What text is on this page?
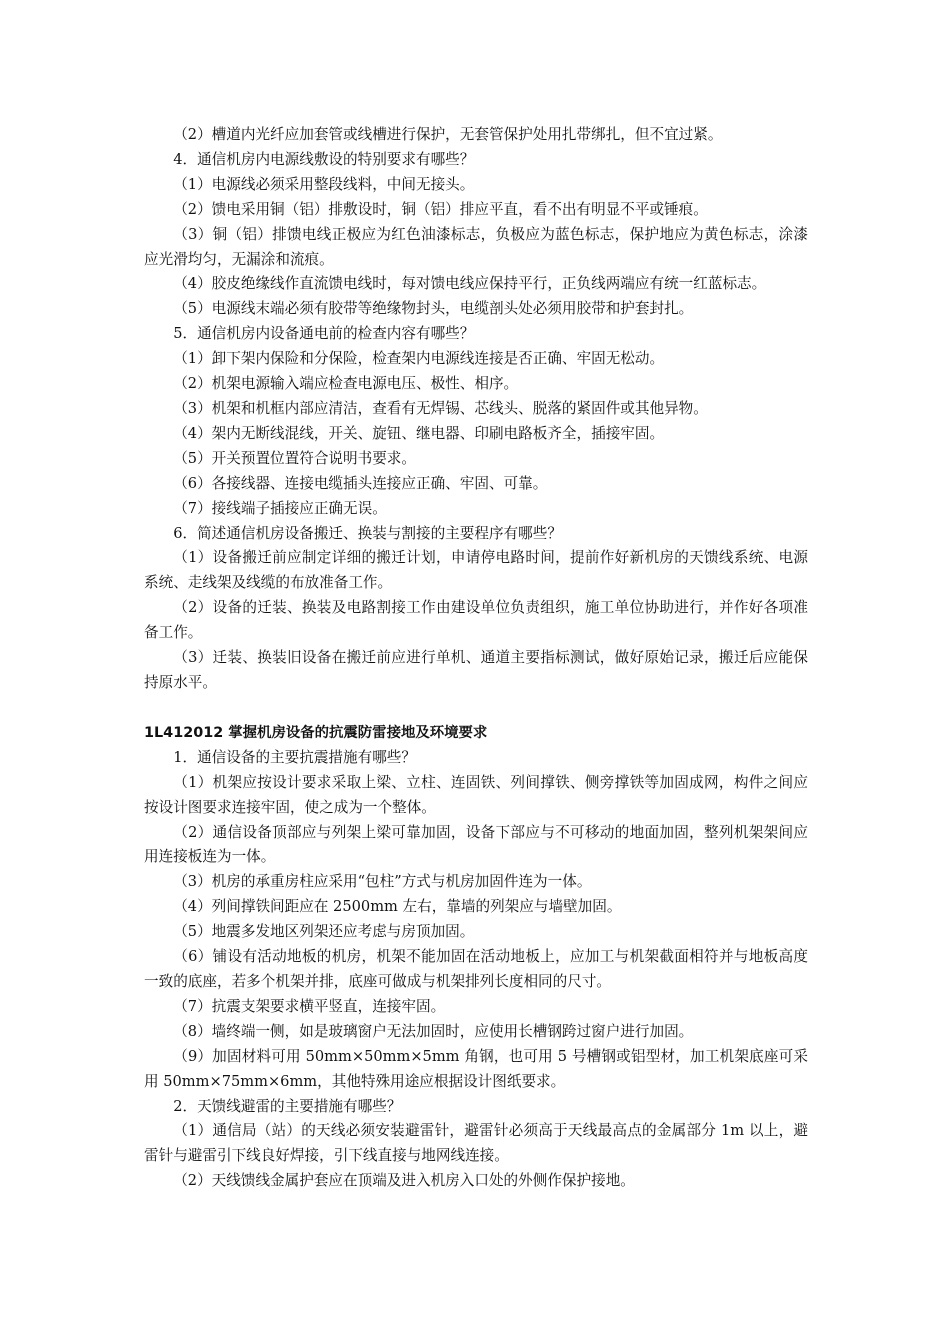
（2）槽道内光纤应加套管或线槽进行保护，无套管保护处用扎带绑扎，但不宜过紧。

4．通信机房内电源线敷设的特别要求有哪些？

（1）电源线必须采用整段线料，中间无接头。

（2）馈电采用铜（铝）排敷设时，铜（铝）排应平直，看不出有明显不平或锤痕。

（3）铜（铝）排馈电线正极应为红色油漆标志，负极应为蓝色标志，保护地应为黄色标志，涂漆应光滑均匀，无漏涂和流痕。

（4）胶皮绝缘线作直流馈电线时，每对馈电线应保持平行，正负线两端应有统一红蓝标志。

（5）电源线末端必须有胶带等绝缘物封头，电缆剖头处必须用胶带和护套封扎。

5．通信机房内设备通电前的检查内容有哪些？

（1）卸下架内保险和分保险，检查架内电源线连接是否正确、牢固无松动。

（2）机架电源输入端应检查电源电压、极性、相序。

（3）机架和机框内部应清洁，查看有无焊锡、芯线头、脱落的紧固件或其他异物。

（4）架内无断线混线，开关、旋钮、继电器、印刷电路板齐全，插接牢固。

（5）开关预置位置符合说明书要求。

（6）各接线器、连接电缆插头连接应正确、牢固、可靠。

（7）接线端子插接应正确无误。

6．简述通信机房设备搬迁、换装与割接的主要程序有哪些？

（1）设备搬迁前应制定详细的搬迁计划，申请停电路时间，提前作好新机房的天馈线系统、电源系统、走线架及线缆的布放准备工作。

（2）设备的迁装、换装及电路割接工作由建设单位负责组织，施工单位协助进行，并作好各项准备工作。

（3）迁装、换装旧设备在搬迁前应进行单机、通道主要指标测试，做好原始记录，搬迁后应能保持原水平。

1L412012 掌握机房设备的抗震防雷接地及环境要求

1．通信设备的主要抗震措施有哪些？

（1）机架应按设计要求采取上梁、立柱、连固铁、列间撑铁、侧旁撑铁等加固成网，构件之间应按设计图要求连接牢固，使之成为一个整体。

（2）通信设备顶部应与列架上梁可靠加固，设备下部应与不可移动的地面加固，整列机架架间应用连接板连为一体。

（3）机房的承重房柱应采用“包柱”方式与机房加固件连为一体。

（4）列间撑铁间距应在 2500mm 左右，靠墙的列架应与墙壁加固。

（5）地震多发地区列架还应考虑与房顶加固。

（6）铺设有活动地板的机房，机架不能加固在活动地板上，应加工与机架截面相符并与地板高度一致的底座，若多个机架并排，底座可做成与机架排列长度相同的尺寸。

（7）抗震支架要求横平竖直，连接牢固。

（8）墙终端一侧，如是玻璃窗户无法加固时，应使用长槽钢跨过窗户进行加固。

（9）加固材料可用 50mm×50mm×5mm 角钢，也可用 5 号槽钢或铝型材，加工机架底座可采用 50mm×75mm×6mm，其他特殊用途应根据设计图纸要求。

2．天馈线避雷的主要措施有哪些？

（1）通信局（站）的天线必须安装避雷针，避雷针必须高于天线最高点的金属部分 1m 以上，避雷针与避雷引下线良好焊接，引下线直接与地网线连接。

（2）天线馈线金属护套应在顶端及进入机房入口处的外侧作保护接地。
